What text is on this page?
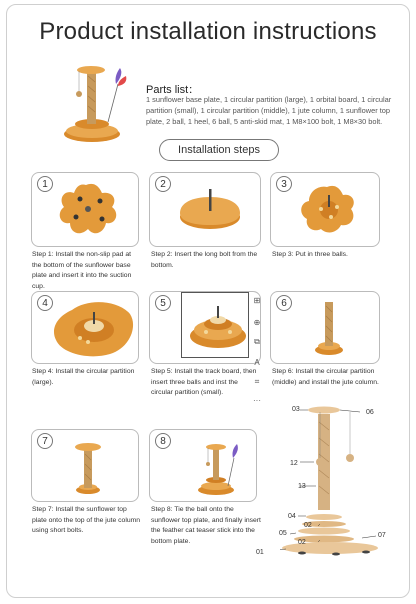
Product installation instructions
Parts list：
1 sunflower base plate, 1 circular partition (large), 1 orbital board, 1 circular partition (small), 1 circular partition (middle), 1 jute column, 1 sunflower top plate, 2 ball, 1 heel, 6 ball, 5 anti-skid mat, 1 M8×100 bolt, 1 M8×30 bolt.
Installation steps
1
Step 1: Install the non-slip pad at the bottom of the sunflower base plate and insert it into the suction cup.
2
Step 2: Insert the long bolt from the bottom.
3
Step 3: Put in three balls.
4
Step 4: Install the circular partition (large).
5
Step 5: Install the track board, then insert three balls and inst the circular partition (small).
⊞
⊕
⧉
A
⌗
···
6
Step 6: Install the circular partition (middle) and install the jute column.
7
Step 7: Install the sunflower top plate onto the top of the jute column using short bolts.
8
Step 8: Tie the ball onto the sunflower top plate, and finally insert the feather cat teaser stick into the bottom plate.
03	06
12
13
04
02
05
02
07
01
